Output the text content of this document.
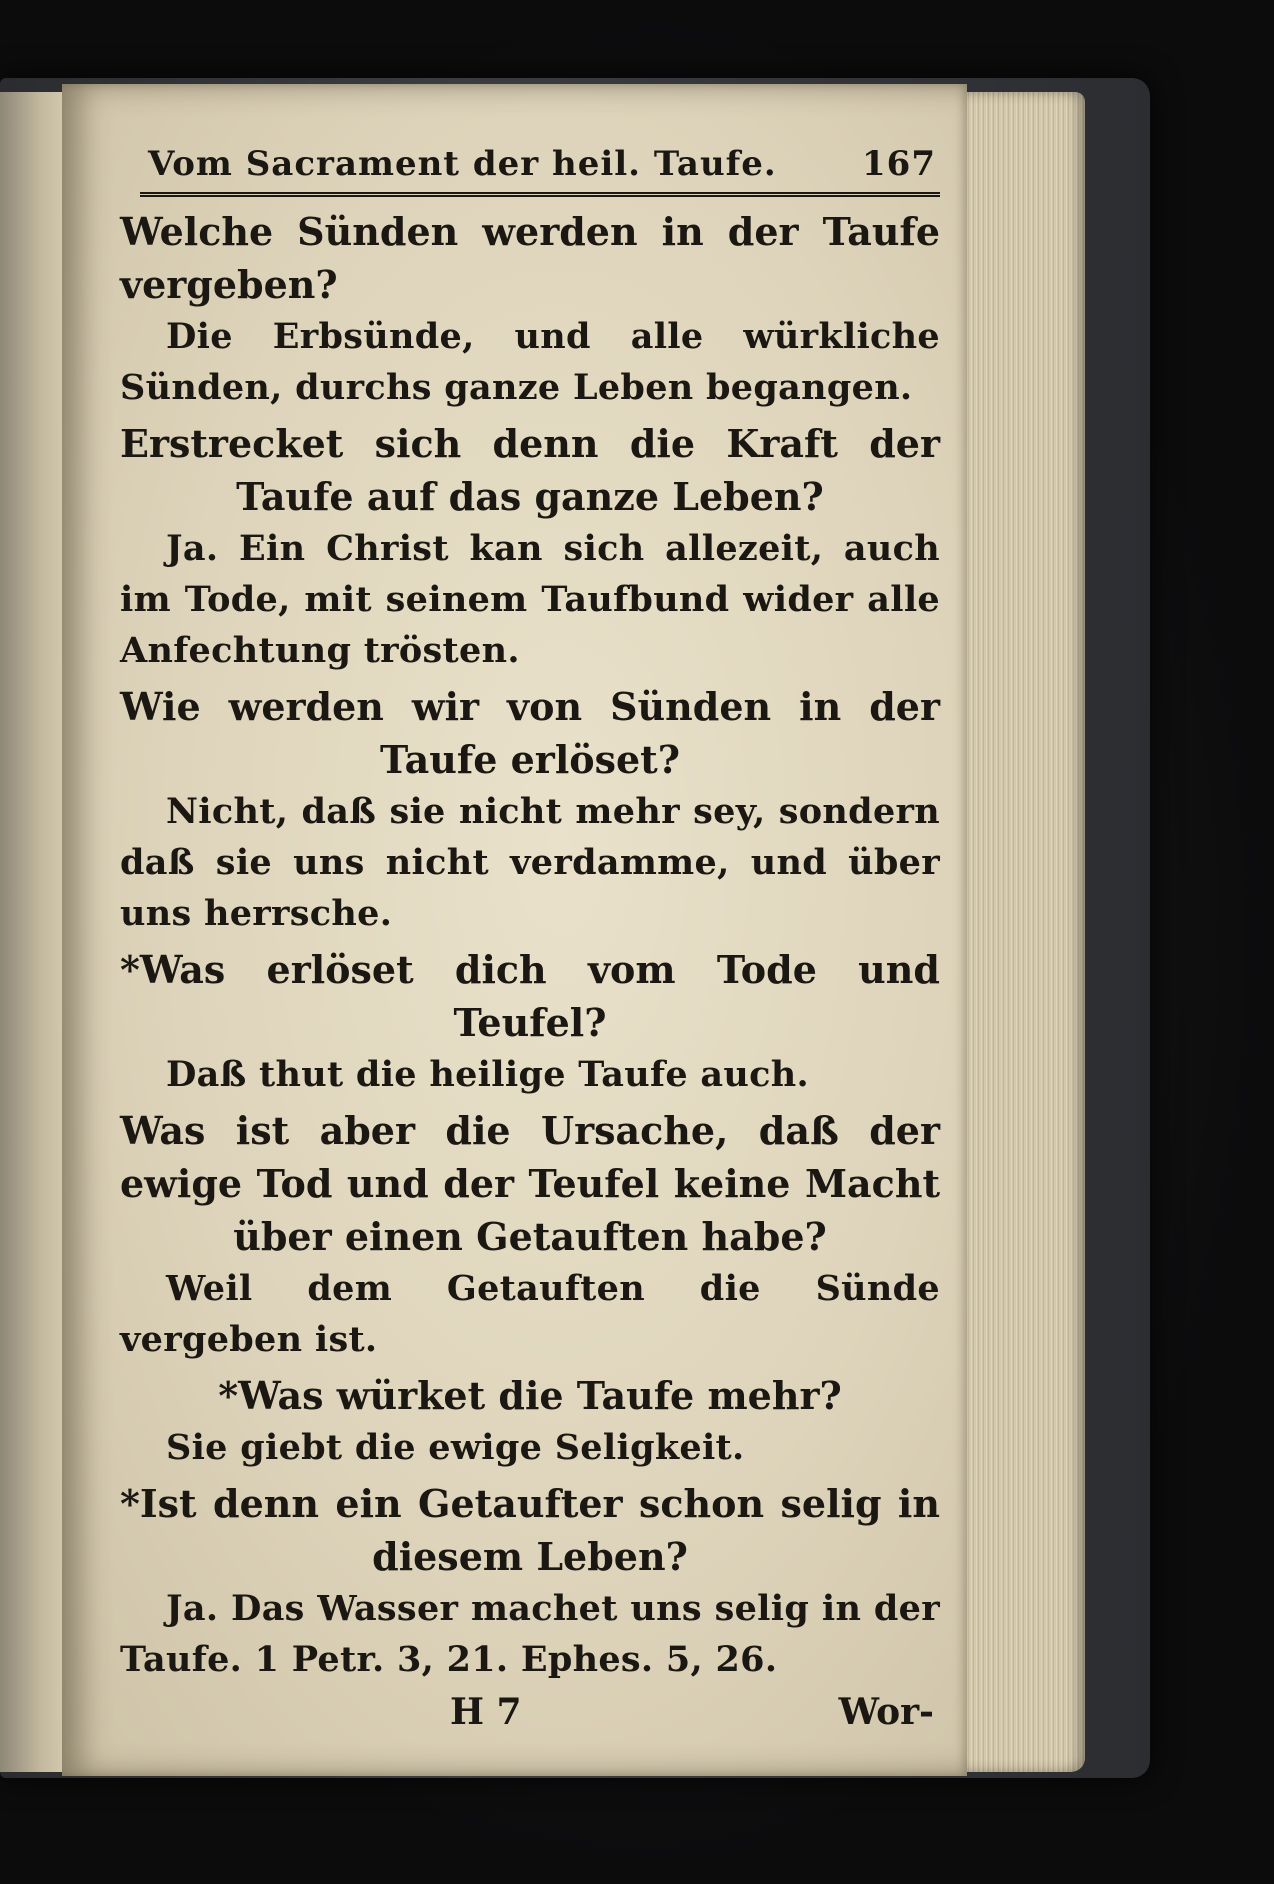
Vom Sacrament der heil. Taufe.	167

Welche Sünden werden in der Taufe vergeben?

Die Erbsünde, und alle würkliche Sünden, durchs ganze Leben begangen.

Erstrecket sich denn die Kraft der Taufe auf das ganze Leben?

Ja. Ein Christ kan sich allezeit, auch im Tode, mit seinem Taufbund wider alle Anfechtung trösten.

Wie werden wir von Sünden in der Taufe erlöset?

Nicht, daß sie nicht mehr sey, sondern daß sie uns nicht verdamme, und über uns herrsche.

*Was erlöset dich vom Tode und Teufel?

Daß thut die heilige Taufe auch.

Was ist aber die Ursache, daß der ewige Tod und der Teufel keine Macht über einen Getauften habe?

Weil dem Getauften die Sünde vergeben ist.

*Was würket die Taufe mehr?

Sie giebt die ewige Seligkeit.

*Ist denn ein Getaufter schon selig in diesem Leben?

Ja. Das Wasser machet uns selig in der Taufe. 1 Petr. 3, 21. Ephes. 5, 26.

H 7	Wor-
